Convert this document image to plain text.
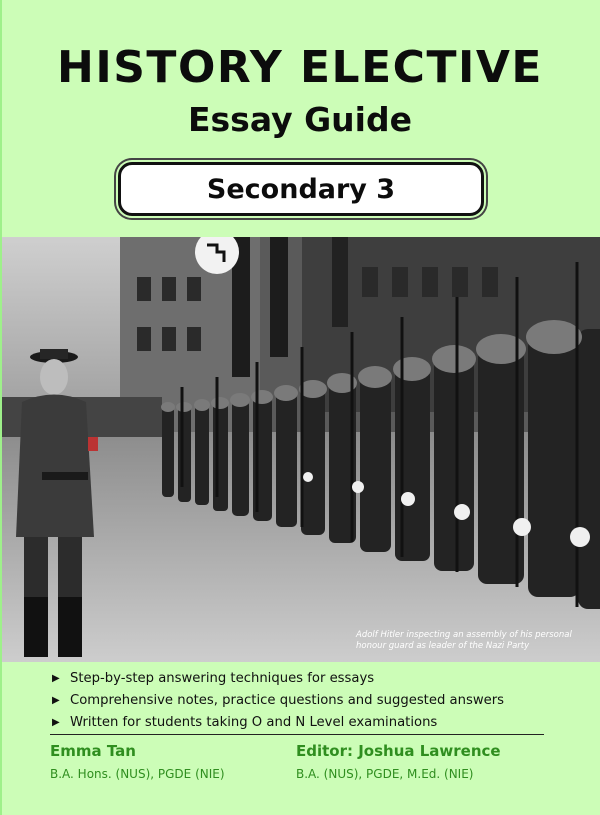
HISTORY ELECTIVE
Essay Guide
Secondary 3
Adolf Hitler inspecting an assembly of his personal honour guard as leader of the Nazi Party
▶ Step-by-step answering techniques for essays
▶ Comprehensive notes, practice questions and suggested answers
▶ Written for students taking O and N Level examinations
Emma Tan
B.A. Hons. (NUS), PGDE (NIE)
Editor: Joshua Lawrence
B.A. (NUS), PGDE, M.Ed. (NIE)
